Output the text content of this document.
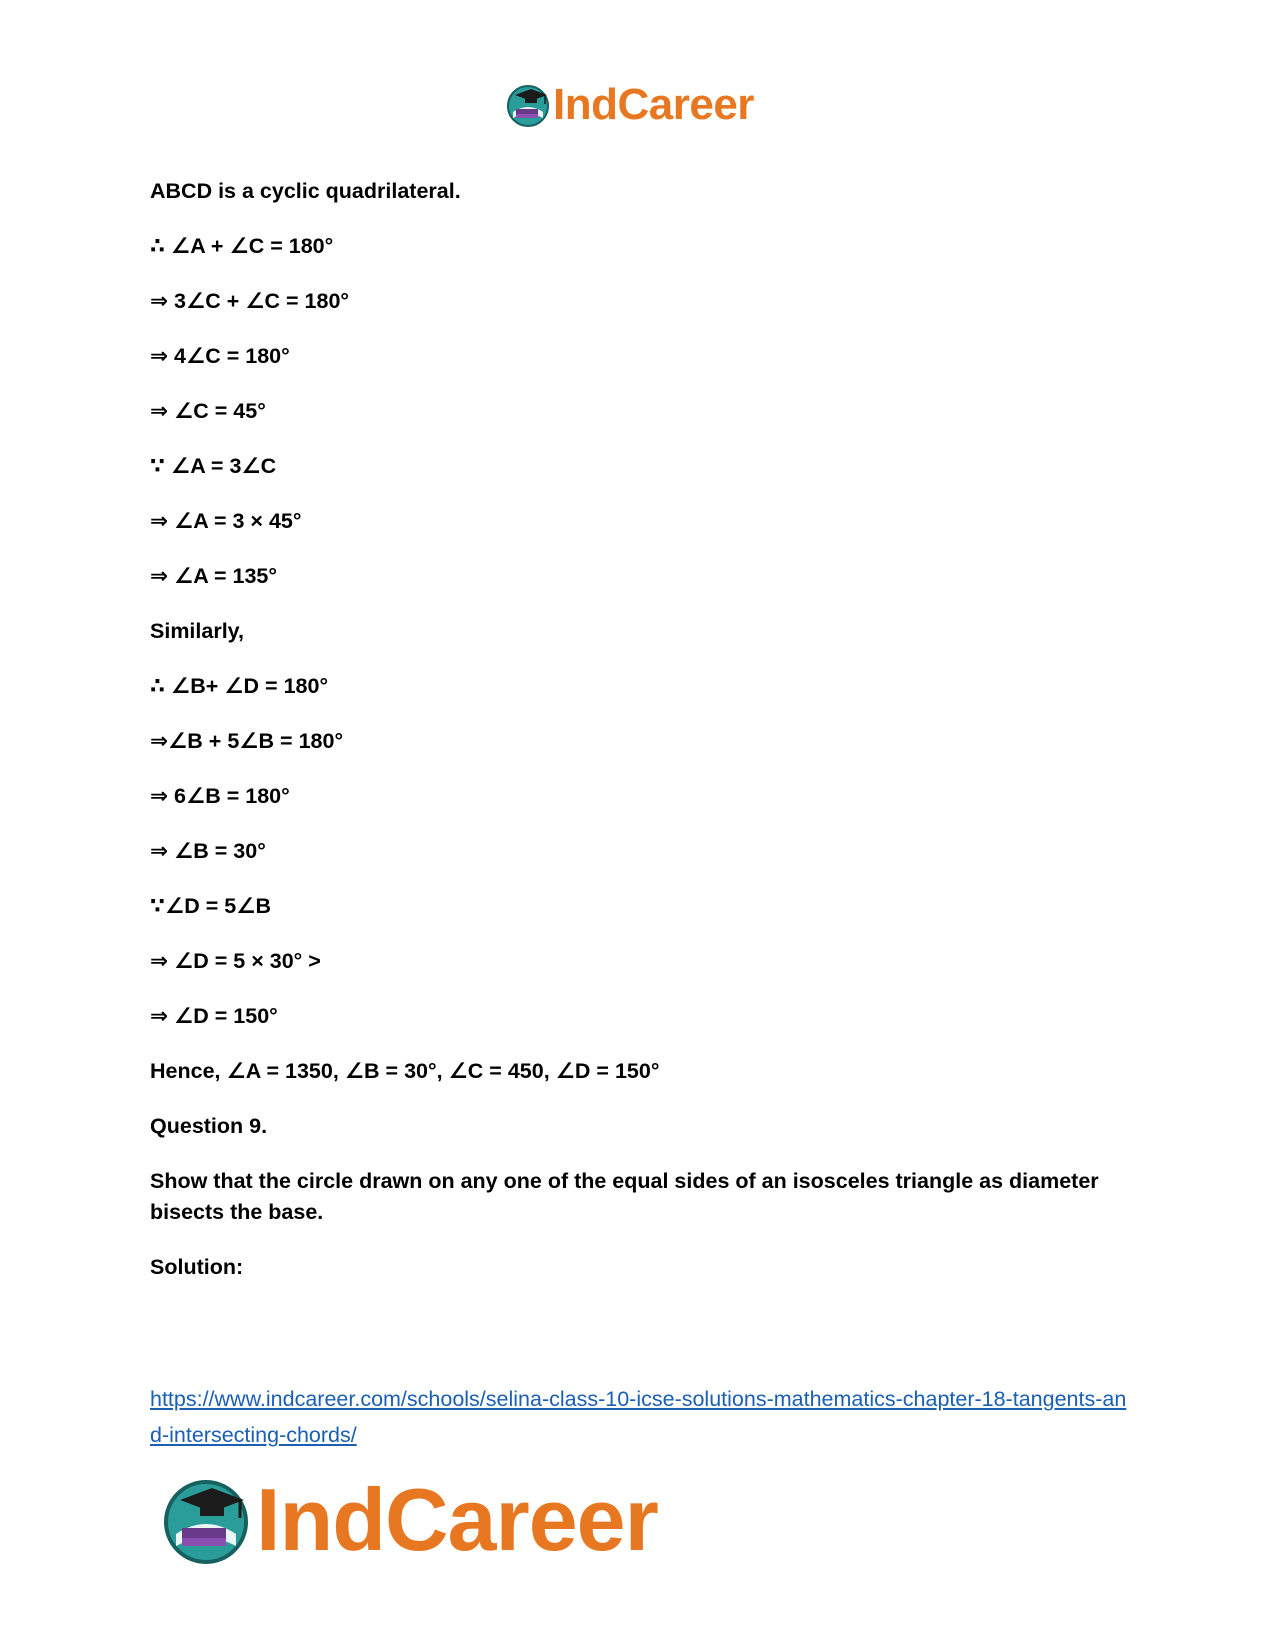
IndCareer
ABCD is a cyclic quadrilateral.
∴ ∠A + ∠C = 180°
⇒ 3∠C + ∠C = 180°
⇒ 4∠C = 180°
⇒ ∠C = 45°
∵ ∠A = 3∠C
⇒ ∠A = 3 × 45°
⇒ ∠A = 135°
Similarly,
∴ ∠B+ ∠D = 180°
⇒∠B + 5∠B = 180°
⇒ 6∠B = 180°
⇒ ∠B = 30°
∵∠D = 5∠B
⇒ ∠D = 5 × 30° >
⇒ ∠D = 150°
Hence, ∠A = 1350, ∠B = 30°, ∠C = 450, ∠D = 150°
Question 9.
Show that the circle drawn on any one of the equal sides of an isosceles triangle as diameter bisects the base.
Solution:
https://www.indcareer.com/schools/selina-class-10-icse-solutions-mathematics-chapter-18-tangents-and-intersecting-chords/
IndCareer
